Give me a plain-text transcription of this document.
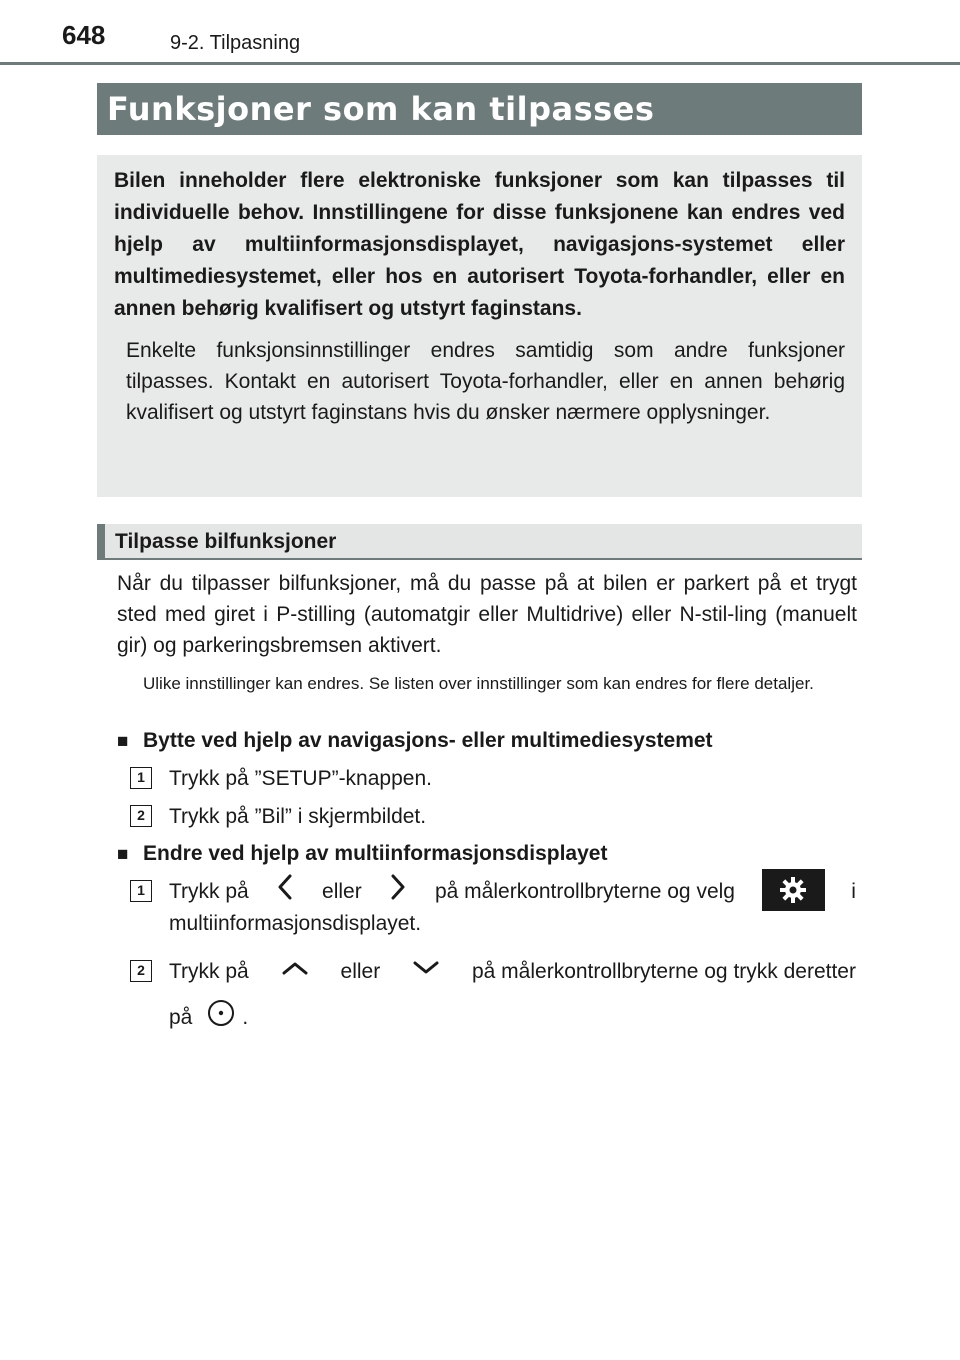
648	9-2. Tilpasning
Funksjoner som kan tilpasses

Bilen inneholder flere elektroniske funksjoner som kan tilpasses til individuelle behov. Innstillingene for disse funksjonene kan endres ved hjelp av multiinformasjonsdisplayet, navigasjons-systemet eller multimediesystemet, eller hos en autorisert Toyota-forhandler, eller en annen behørig kvalifisert og utstyrt faginstans.

Enkelte funksjonsinnstillinger endres samtidig som andre funksjoner tilpasses. Kontakt en autorisert Toyota-forhandler, eller en annen behørig kvalifisert og utstyrt faginstans hvis du ønsker nærmere opplysninger.

Tilpasse bilfunksjoner

Når du tilpasser bilfunksjoner, må du passe på at bilen er parkert på et trygt sted med giret i P-stilling (automatgir eller Multidrive) eller N-stil-ling (manuelt gir) og parkeringsbremsen aktivert.

Ulike innstillinger kan endres. Se listen over innstillinger som kan endres for flere detaljer.

■ Bytte ved hjelp av navigasjons- eller multimediesystemet
1	Trykk på ”SETUP”-knappen.
2	Trykk på ”Bil” i skjermbildet.
■ Endre ved hjelp av multiinformasjonsdisplayet
1	Trykk på	eller	på målerkontrollbryterne og velg	i
multiinformasjonsdisplayet.
2	Trykk på	eller	på målerkontrollbryterne og trykk deretter
på .
